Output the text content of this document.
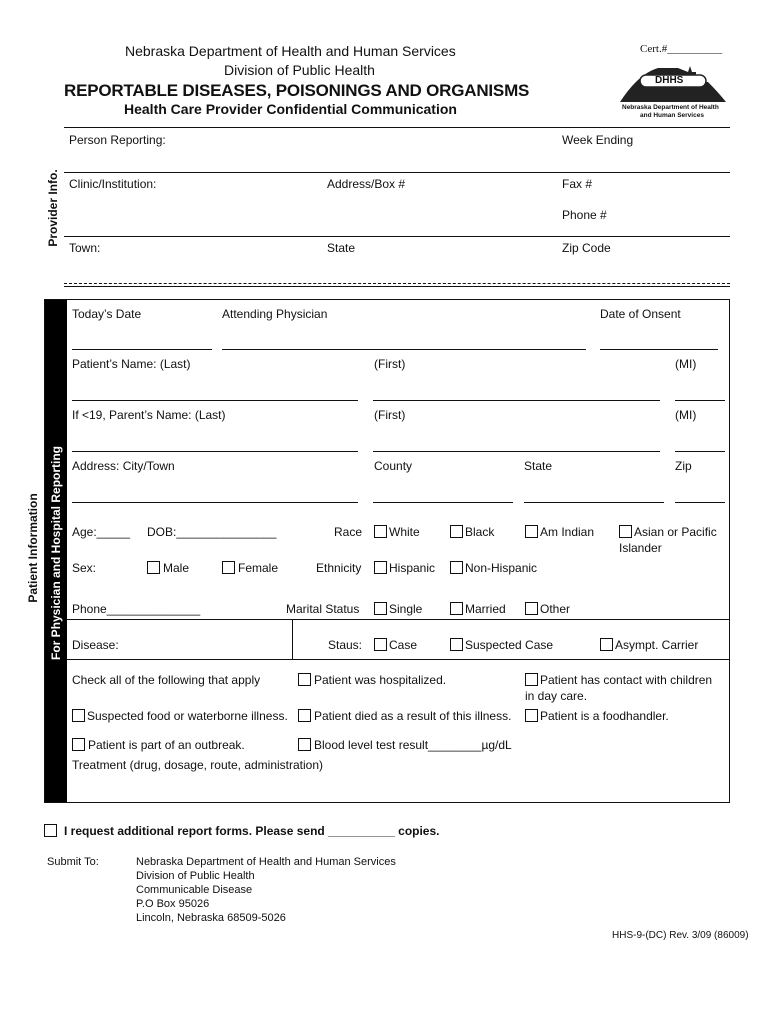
Nebraska Department of Health and Human Services
Division of Public Health
REPORTABLE DISEASES, POISONINGS AND ORGANISMS
Health Care Provider Confidential Communication
Cert.#__________
DHHS
Nebraska Department of Health
and Human Services
Provider Info.
Person Reporting:	Week Ending
Clinic/Institution:	Address/Box #	Fax #
Phone #
Town:	State	Zip Code
Patient Information For Physician and Hospital Reporting
Today’s Date	Attending Physician	Date of Onsent
Patient’s Name: (Last)	(First)	(MI)
If <19, Parent’s Name: (Last)	(First)	(MI)
Address: City/Town	County	State	Zip
Age:_____ DOB:_______________	Race White	Black	Am Indian	Asian or Pacific
Islander
Sex:	Male	Female	Ethnicity Hispanic Non-Hispanic
Phone______________	Marital Status Single	Married	Other
Disease:	Staus: Case	Suspected Case	Asympt. Carrier
Check all of the following that apply	Patient was hospitalized.	Patient has contact with children
in day care.
Suspected food or waterborne illness. Patient died as a result of this illness. Patient is a foodhandler.
Patient is part of an outbreak.	Blood level test result________µg/dL
Treatment (drug, dosage, route, administration)
I request additional report forms. Please send __________ copies.
Submit To:	Nebraska Department of Health and Human Services
Division of Public Health
Communicable Disease
P.O Box 95026
Lincoln, Nebraska 68509-5026
HHS-9-(DC) Rev. 3/09 (86009)
